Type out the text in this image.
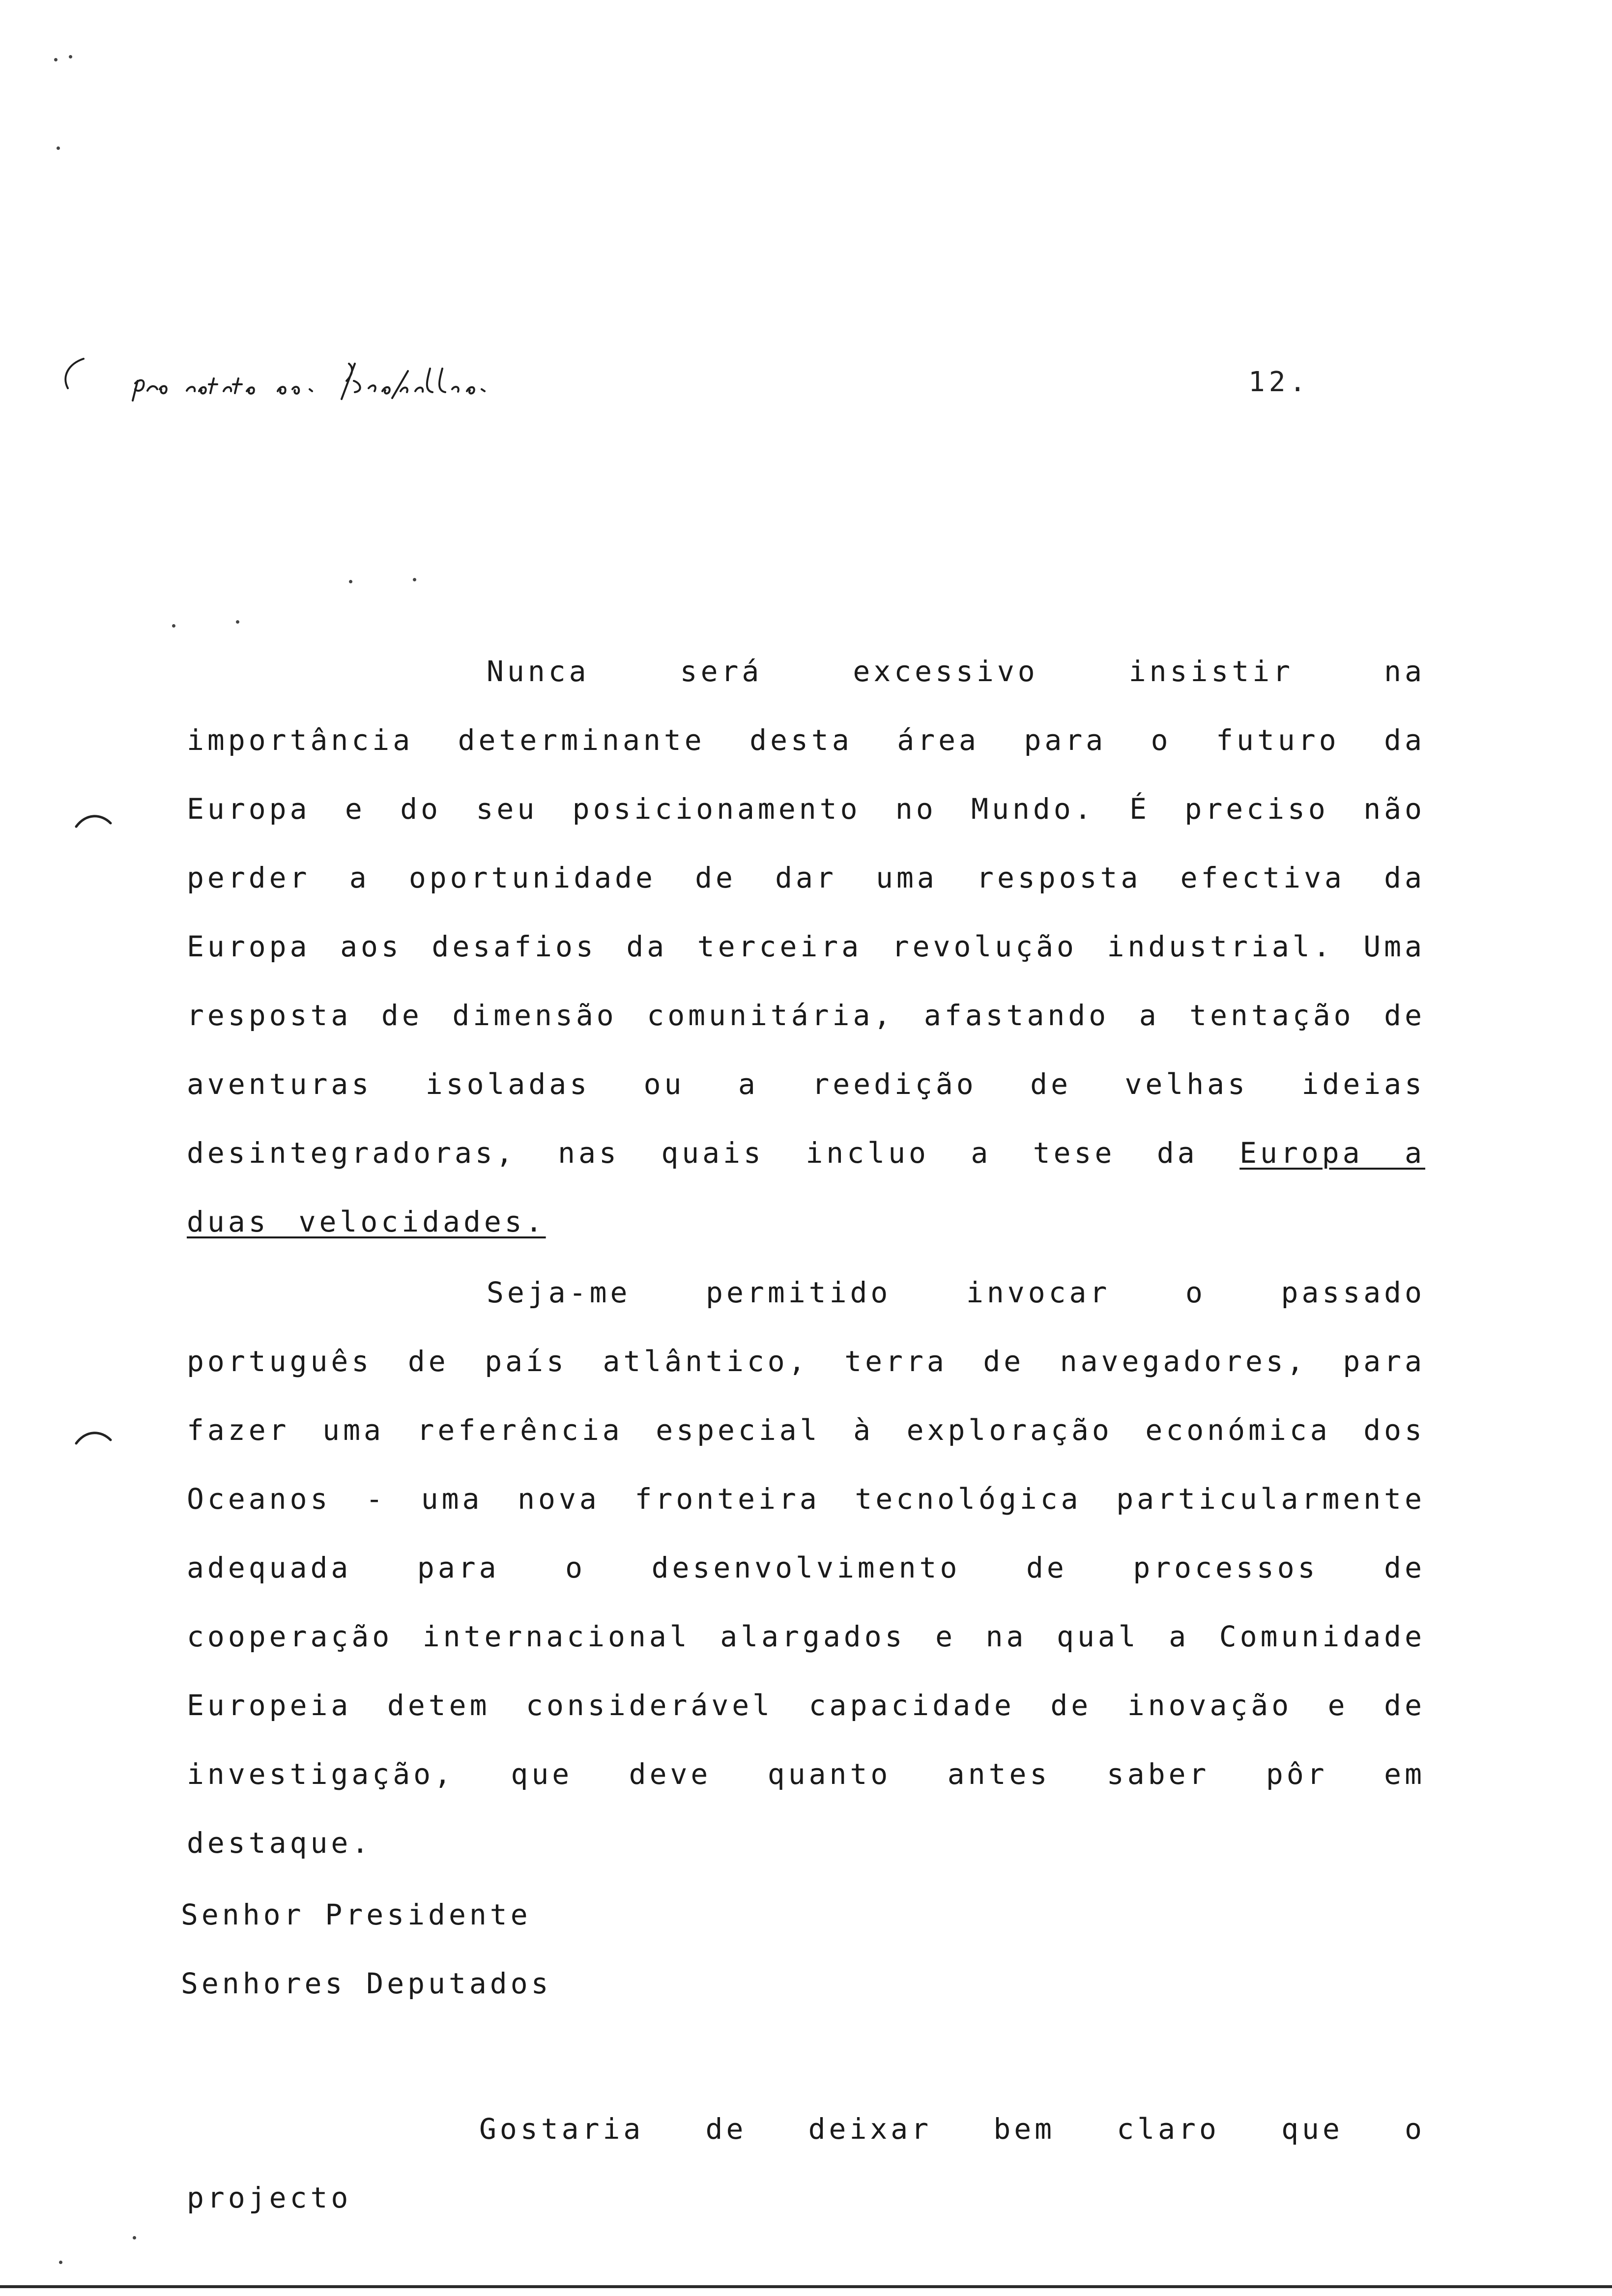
12.

Nunca será excessivo insistir na importância determinante desta área para o futuro da Europa e do seu posicionamento no Mundo. É preciso não perder a oportunidade de dar uma resposta efectiva da Europa aos desafios da terceira revolução industrial. Uma resposta de dimensão comunitária, afastando a tentação de aventuras isoladas ou a reedição de velhas ideias desintegradoras, nas quais incluo a tese da Europa a duas velocidades.

Seja-me permitido invocar o passado português de país atlântico, terra de navegadores, para fazer uma referência especial à exploração económica dos Oceanos - uma nova fronteira tecnológica particularmente adequada para o desenvolvimento de processos de cooperação internacional alargados e na qual a Comunidade Europeia detem considerável capacidade de inovação e de investigação, que deve quanto antes saber pôr em destaque.

Senhor Presidente
Senhores Deputados

Gostaria de deixar bem claro que o projecto
